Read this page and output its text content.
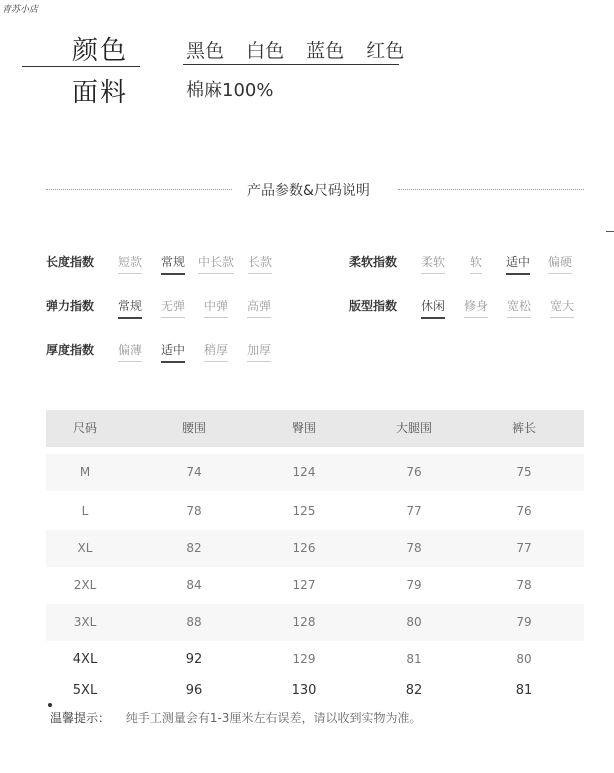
青苏小店
颜色	黑色 白色 蓝色 红色
面料	棉麻100%
产品参数&尺码说明
长度指数 短款 常规 中长款 长款	柔软指数 柔软 软 适中 偏硬
弹力指数 常规 无弹 中弹 高弹	版型指数 休闲 修身 宽松 宽大
厚度指数 偏薄 适中 稍厚 加厚
尺码	腰围	臀围	大腿围	裤长
M	74	124	76	75
L	78	125	77	76
XL	82	126	78	77
2XL	84	127	79	78
3XL	88	128	80	79
4XL	92	129	81	80
5XL	96	130	82	81
温馨提示： 纯手工测量会有1-3厘米左右误差，请以收到实物为准。
